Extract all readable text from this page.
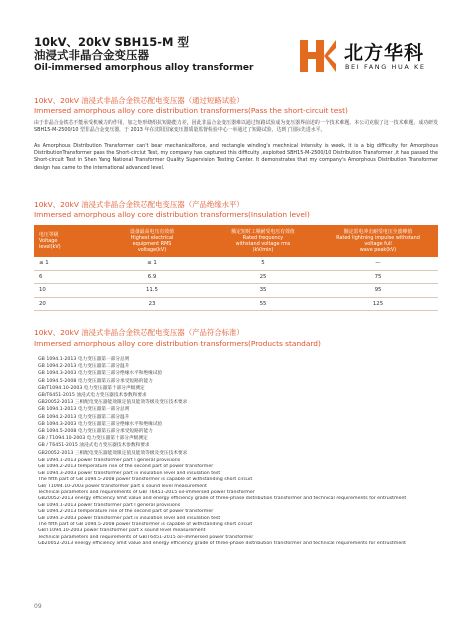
10kV、20kV SBH15-M 型
油浸式非晶合金变压器
Oil-immersed amorphous alloy transformer
北方华科
BEI FANG HUA KE
10kV、20kV 油浸式非晶合金铁芯配电变压器（通过短路试验）
Immersed amorphous alloy core distribution transformers(Pass the short-circuit test)
由于非晶合金铁芯不能承受机械力的作用，加之矩形绕组抗短路能力差，因此非晶合金变压器难以通过短路试验成为变压器界前述的一个技术难题。本公司克服了这一技术难题，成功研发 SBH15-M-2500/10 型非晶合金变压器，于 2013 年在沈阳国家变压器质量监督检验中心一举通过了短路试验，达到了国际先进水平。
As Amorphous Distribution Transformer can't bear mechanicalforce, and rectangle winding's mechnical intensity is week, it is a big difficulty for Amorphous DistributionTransformer pass the Short-circiut Test, my company has captured this difficulty ,exploited SBH15-M-2500/10 Distribution Transformer ,it has passed the Short-circuit Test in Shen Yang National Transformer Quality Supervision Testing Center. It demonstrates that my company's Amorphous Distribution Transformer design has came to the international advanced level.
10kV、20kV 油浸式非晶合金铁芯配电变压器（产品绝缘水平）
Immersed amorphous alloy core distribution transformers(Insulation level)
电压等级
Voltage
level(kV)
设备最高电压有效值
Highest electrical
equipment RMS
voltage(kV)
额定短时工频耐受电压有效值
Rated frequency
withstand voltage rms
(kV/min)
额定雷电冲击耐受电压全波峰值
Rated lightning impulse withstand
voltage full
wave peak(kV)
≤ 1	≤ 1	5	—
6	6.9	25	75
10	11.5	35	95
20	23	55	125
10kV、20kV 油浸式非晶合金铁芯配电变压器（产品符合标准）
Immersed amorphous alloy core distribution transformers(Products standard)
GB 1094.1-2013 电力变压器第一部分总则
GB 1094.2-2013 电力变压器第二部分温升
GB 1094.3-2003 电力变压器第三部分绝缘水平和绝缘试验
GB 1094.5-2008 电力变压器第五部分承受短路的能力
GB/T1094.10-2003 电力变压器第十部分声级测定
GB/T6451-2015 油浸式电力变压器技术参数和要求
GB20052-2013 三相配电变压器能效限定值及能效等级及变压技术要求
GB 1094.1-2013 电力变压器第一部分总则
GB 1094.2-2013 电力变压器第二部分温升
GB 1094.3-2003 电力变压器第三部分绝缘水平和绝缘试验
GB 1094.5-2008 电力变压器第五部分承受短路的能力
GB / T1094.10-2003 电力变压器第十部分声级测定
GB / T6451-2015 油浸式电力变压器技术参数和要求
GB20052-2013 三相配电变压器能效限定值及能效等级及变压技术要求
GB 1094.1-2013 power transformer part I general provisions
GB 1094.2-2013 temperature rise of the second part of power transformer
GB 1094.3-2003 power transformer part iii insulation level and insulation test
The fifth part of GB 1094.5-2008 power transformer is capable of withstanding short circuit
GB/ T1094.10-2003 power transformer part x sound level measurement
Technical parameters and requirements of GB/ T6451-2015 oil-immersed power transformer
GB20052-2013 energy efficiency limit value and energy efficiency grade of three-phase distribution transformer and technical requirements for entrustment
GB 1094.1-2013 power transformer part I general provisions
GB 1094.2-2013 temperature rise of the second part of power transformer
GB 1094.3-2003 power transformer part iii insulation level and insulation test
The fifth part of GB 1094.5-2008 power transformer is capable of withstanding short circuit
GB/T1094.10-2003 power transformer part x sound level measurement
Technical parameters and requirements of GB/T6451-2015 oil-immersed power transformer
Gb20052-2013 energy efficiency limit value and energy efficiency grade of three-phase distribution transformer and technical requirements for entrustment
09
